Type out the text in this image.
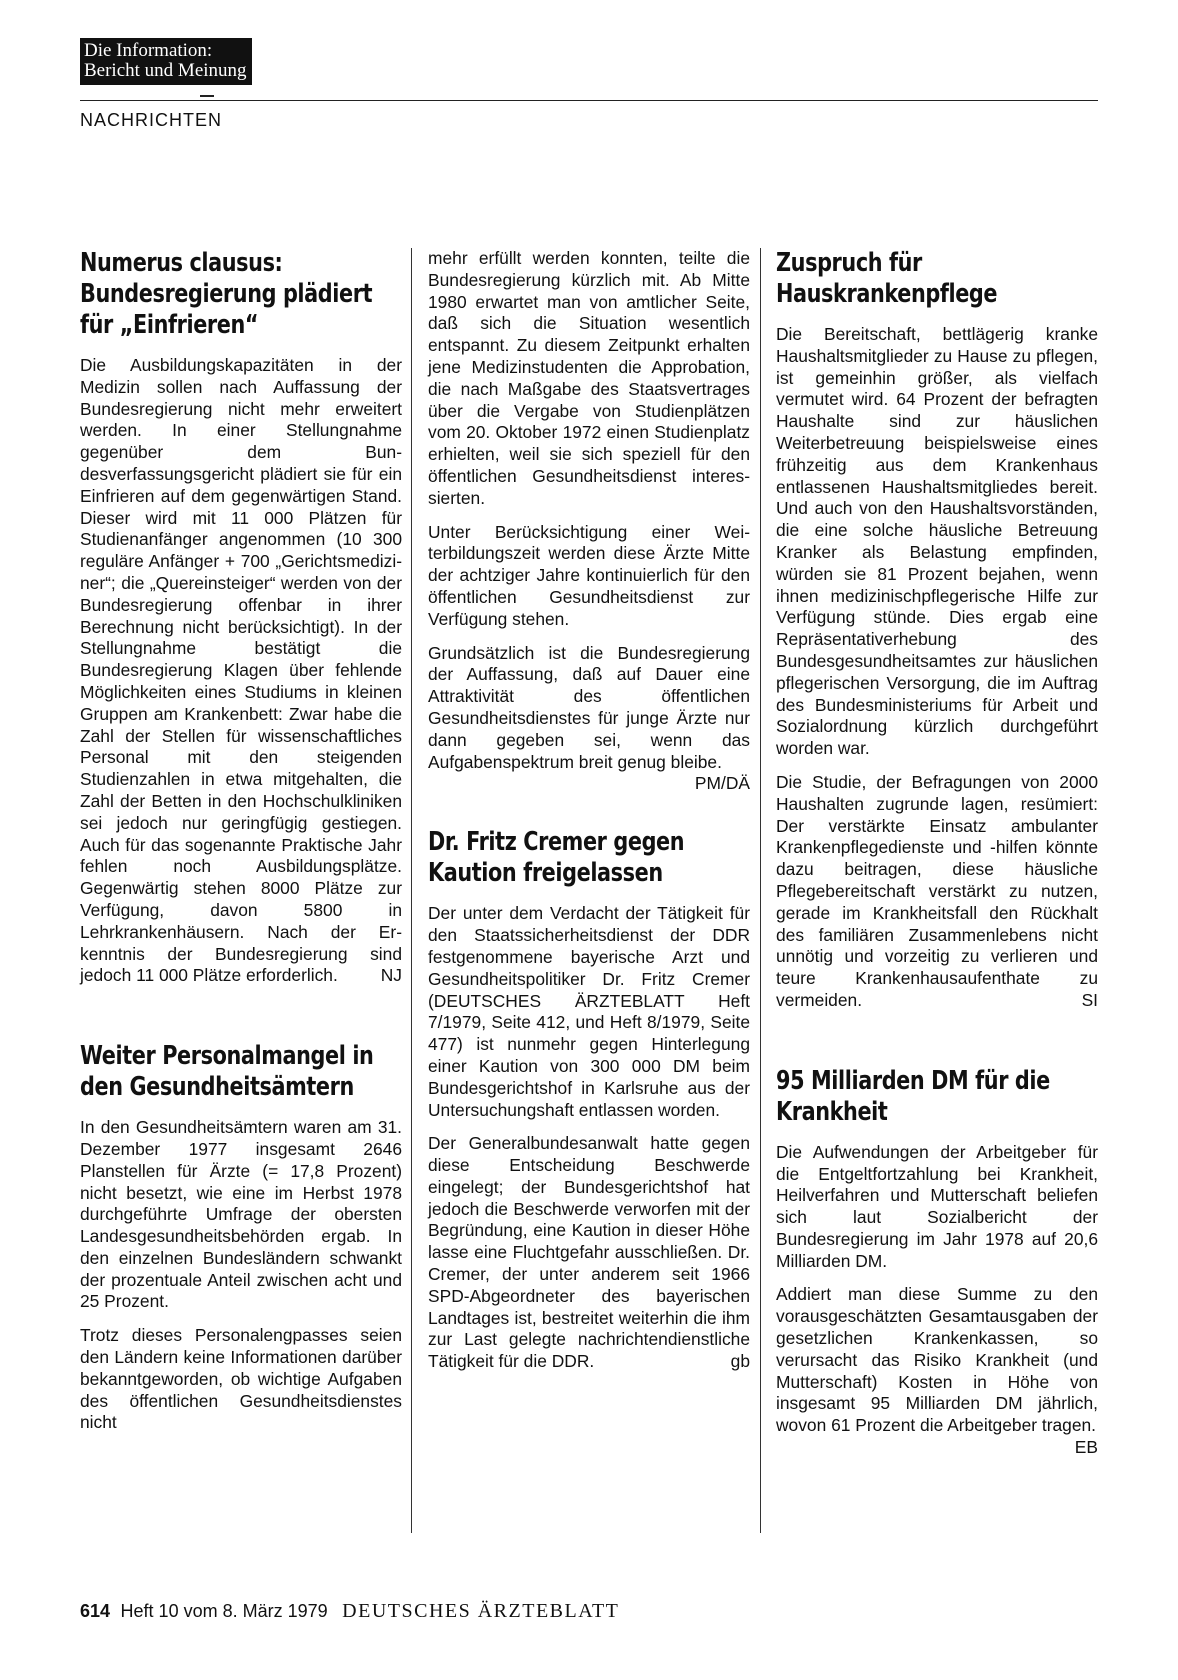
Die Information:
Bericht und Meinung
NACHRICHTEN
Numerus clausus: Bundesregierung plädiert für „Einfrieren“

Die Ausbildungskapazitäten in der Medizin sollen nach Auffassung der Bundesregierung nicht mehr erweitert werden. In einer Stellungnahme gegenüber dem Bundesverfassungsgericht plädiert sie für ein Einfrieren auf dem gegenwärtigen Stand. Dieser wird mit 11 000 Plätzen für Studienanfänger angenommen (10 300 reguläre Anfänger + 700 „Gerichtsmediziner“; die „Quereinsteiger“ werden von der Bundesregierung offenbar in ihrer Berechnung nicht berücksichtigt). In der Stellungnahme bestätigt die Bundesregierung Klagen über fehlende Möglichkeiten eines Studiums in kleinen Gruppen am Krankenbett: Zwar habe die Zahl der Stellen für wissenschaftliches Personal mit den steigenden Studienzahlen in etwa mitgehalten, die Zahl der Betten in den Hochschulkliniken sei jedoch nur geringfügig gestiegen. Auch für das sogenannte Praktische Jahr fehlen noch Ausbildungsplätze. Gegenwärtig stehen 8000 Plätze zur Verfügung, davon 5800 in Lehrkrankenhäusern. Nach der Erkenntnis der Bundesregierung sind jedoch 11 000 Plätze erforderlich. NJ

Weiter Personalmangel in den Gesundheitsämtern

In den Gesundheitsämtern waren am 31. Dezember 1977 insgesamt 2646 Planstellen für Ärzte (= 17,8 Prozent) nicht besetzt, wie eine im Herbst 1978 durchgeführte Umfrage der obersten Landesgesundheitsbehörden ergab. In den einzelnen Bundesländern schwankt der prozentuale Anteil zwischen acht und 25 Prozent.

Trotz dieses Personalengpasses seien den Ländern keine Informationen darüber bekanntgeworden, ob wichtige Aufgaben des öffentlichen Gesundheitsdienstes nicht

mehr erfüllt werden konnten, teilte die Bundesregierung kürzlich mit. Ab Mitte 1980 erwartet man von amtlicher Seite, daß sich die Situation wesentlich entspannt. Zu diesem Zeitpunkt erhalten jene Medizinstudenten die Approbation, die nach Maßgabe des Staatsvertrages über die Vergabe von Studienplätzen vom 20. Oktober 1972 einen Studienplatz erhielten, weil sie sich speziell für den öffentlichen Gesundheitsdienst interessierten.

Unter Berücksichtigung einer Weiterbildungszeit werden diese Ärzte Mitte der achtziger Jahre kontinuierlich für den öffentlichen Gesundheitsdienst zur Verfügung stehen.

Grundsätzlich ist die Bundesregierung der Auffassung, daß auf Dauer eine Attraktivität des öffentlichen Gesundheitsdienstes für junge Ärzte nur dann gegeben sei, wenn das Aufgabenspektrum breit genug bleibe.
PM/DÄ

Dr. Fritz Cremer gegen Kaution freigelassen

Der unter dem Verdacht der Tätigkeit für den Staatssicherheitsdienst der DDR festgenommene bayerische Arzt und Gesundheitspolitiker Dr. Fritz Cremer (DEUTSCHES ÄRZTEBLATT Heft 7/1979, Seite 412, und Heft 8/1979, Seite 477) ist nunmehr gegen Hinterlegung einer Kaution von 300 000 DM beim Bundesgerichtshof in Karlsruhe aus der Untersuchungshaft entlassen worden.

Der Generalbundesanwalt hatte gegen diese Entscheidung Beschwerde eingelegt; der Bundesgerichtshof hat jedoch die Beschwerde verworfen mit der Begründung, eine Kaution in dieser Höhe lasse eine Fluchtgefahr ausschließen. Dr. Cremer, der unter anderem seit 1966 SPD-Abgeordneter des bayerischen Landtages ist, bestreitet weiterhin die ihm zur Last gelegte nachrichtendienstliche Tätigkeit für die DDR.	gb

Zuspruch für Hauskrankenpflege

Die Bereitschaft, bettlägerig kranke Haushaltsmitglieder zu Hause zu pflegen, ist gemeinhin größer, als vielfach vermutet wird. 64 Prozent der befragten Haushalte sind zur häuslichen Weiterbetreuung beispielsweise eines frühzeitig aus dem Krankenhaus entlassenen Haushaltsmitgliedes bereit. Und auch von den Haushaltsvorständen, die eine solche häusliche Betreuung Kranker als Belastung empfinden, würden sie 81 Prozent bejahen, wenn ihnen medizinischpflegerische Hilfe zur Verfügung stünde. Dies ergab eine Repräsentativerhebung des Bundesgesundheitsamtes zur häuslichen pflegerischen Versorgung, die im Auftrag des Bundesministeriums für Arbeit und Sozialordnung kürzlich durchgeführt worden war.

Die Studie, der Befragungen von 2000 Haushalten zugrunde lagen, resümiert: Der verstärkte Einsatz ambulanter Krankenpflegedienste und -hilfen könnte dazu beitragen, diese häusliche Pflegebereitschaft verstärkt zu nutzen, gerade im Krankheitsfall den Rückhalt des familiären Zusammenlebens nicht unnötig und vorzeitig zu verlieren und teure Krankenhausaufenthate zu vermeiden.	SI

95 Milliarden DM für die Krankheit

Die Aufwendungen der Arbeitgeber für die Entgeltfortzahlung bei Krankheit, Heilverfahren und Mutterschaft beliefen sich laut Sozialbericht der Bundesregierung im Jahr 1978 auf 20,6 Milliarden DM.

Addiert man diese Summe zu den vorausgeschätzten Gesamtausgaben der gesetzlichen Krankenkassen, so verursacht das Risiko Krankheit (und Mutterschaft) Kosten in Höhe von insgesamt 95 Milliarden DM jährlich, wovon 61 Prozent die Arbeitgeber tragen.
EB

614 Heft 10 vom 8. März 1979 DEUTSCHES ÄRZTEBLATT
